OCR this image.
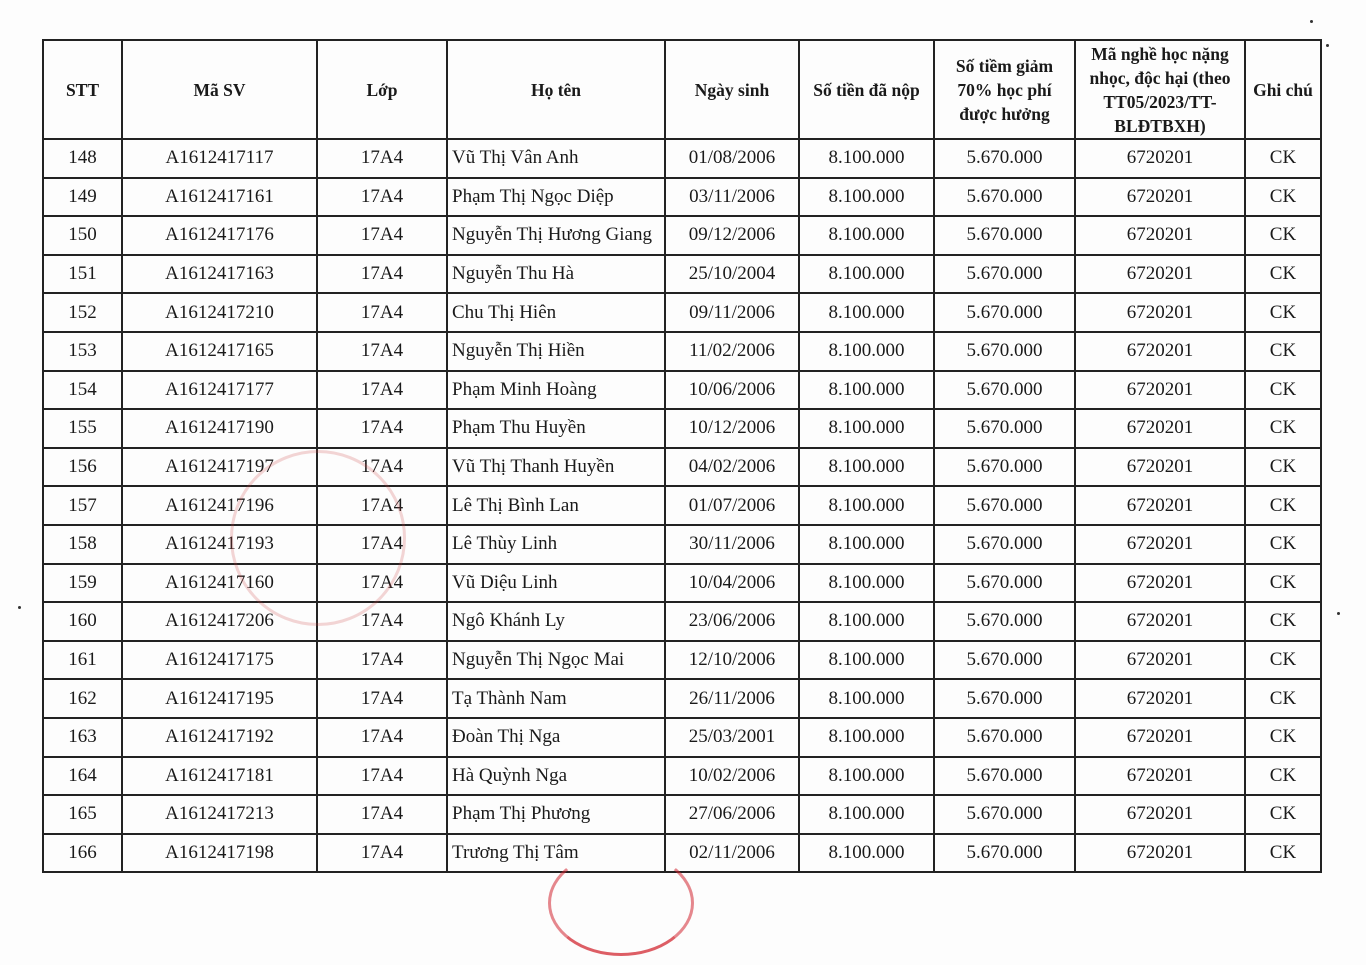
STT	Mã SV	Lớp	Họ tên	Ngày sinh	Số tiền đã nộp	Số tiềm giảm 70% học phí được hưởng	Mã nghề học nặng nhọc, độc hại (theo TT05/2023/TT-BLĐTBXH)	Ghi chú
148	A1612417117	17A4	Vũ Thị Vân Anh	01/08/2006	8.100.000	5.670.000	6720201	CK
149	A1612417161	17A4	Phạm Thị Ngọc Diệp	03/11/2006	8.100.000	5.670.000	6720201	CK
150	A1612417176	17A4	Nguyễn Thị Hương Giang	09/12/2006	8.100.000	5.670.000	6720201	CK
151	A1612417163	17A4	Nguyễn Thu Hà	25/10/2004	8.100.000	5.670.000	6720201	CK
152	A1612417210	17A4	Chu Thị Hiên	09/11/2006	8.100.000	5.670.000	6720201	CK
153	A1612417165	17A4	Nguyễn Thị Hiền	11/02/2006	8.100.000	5.670.000	6720201	CK
154	A1612417177	17A4	Phạm Minh Hoàng	10/06/2006	8.100.000	5.670.000	6720201	CK
155	A1612417190	17A4	Phạm Thu Huyền	10/12/2006	8.100.000	5.670.000	6720201	CK
156	A1612417197	17A4	Vũ Thị Thanh Huyền	04/02/2006	8.100.000	5.670.000	6720201	CK
157	A1612417196	17A4	Lê Thị Bình Lan	01/07/2006	8.100.000	5.670.000	6720201	CK
158	A1612417193	17A4	Lê Thùy Linh	30/11/2006	8.100.000	5.670.000	6720201	CK
159	A1612417160	17A4	Vũ Diệu Linh	10/04/2006	8.100.000	5.670.000	6720201	CK
160	A1612417206	17A4	Ngô Khánh Ly	23/06/2006	8.100.000	5.670.000	6720201	CK
161	A1612417175	17A4	Nguyễn Thị Ngọc Mai	12/10/2006	8.100.000	5.670.000	6720201	CK
162	A1612417195	17A4	Tạ Thành Nam	26/11/2006	8.100.000	5.670.000	6720201	CK
163	A1612417192	17A4	Đoàn Thị Nga	25/03/2001	8.100.000	5.670.000	6720201	CK
164	A1612417181	17A4	Hà Quỳnh Nga	10/02/2006	8.100.000	5.670.000	6720201	CK
165	A1612417213	17A4	Phạm Thị Phương	27/06/2006	8.100.000	5.670.000	6720201	CK
166	A1612417198	17A4	Trương Thị Tâm	02/11/2006	8.100.000	5.670.000	6720201	CK
